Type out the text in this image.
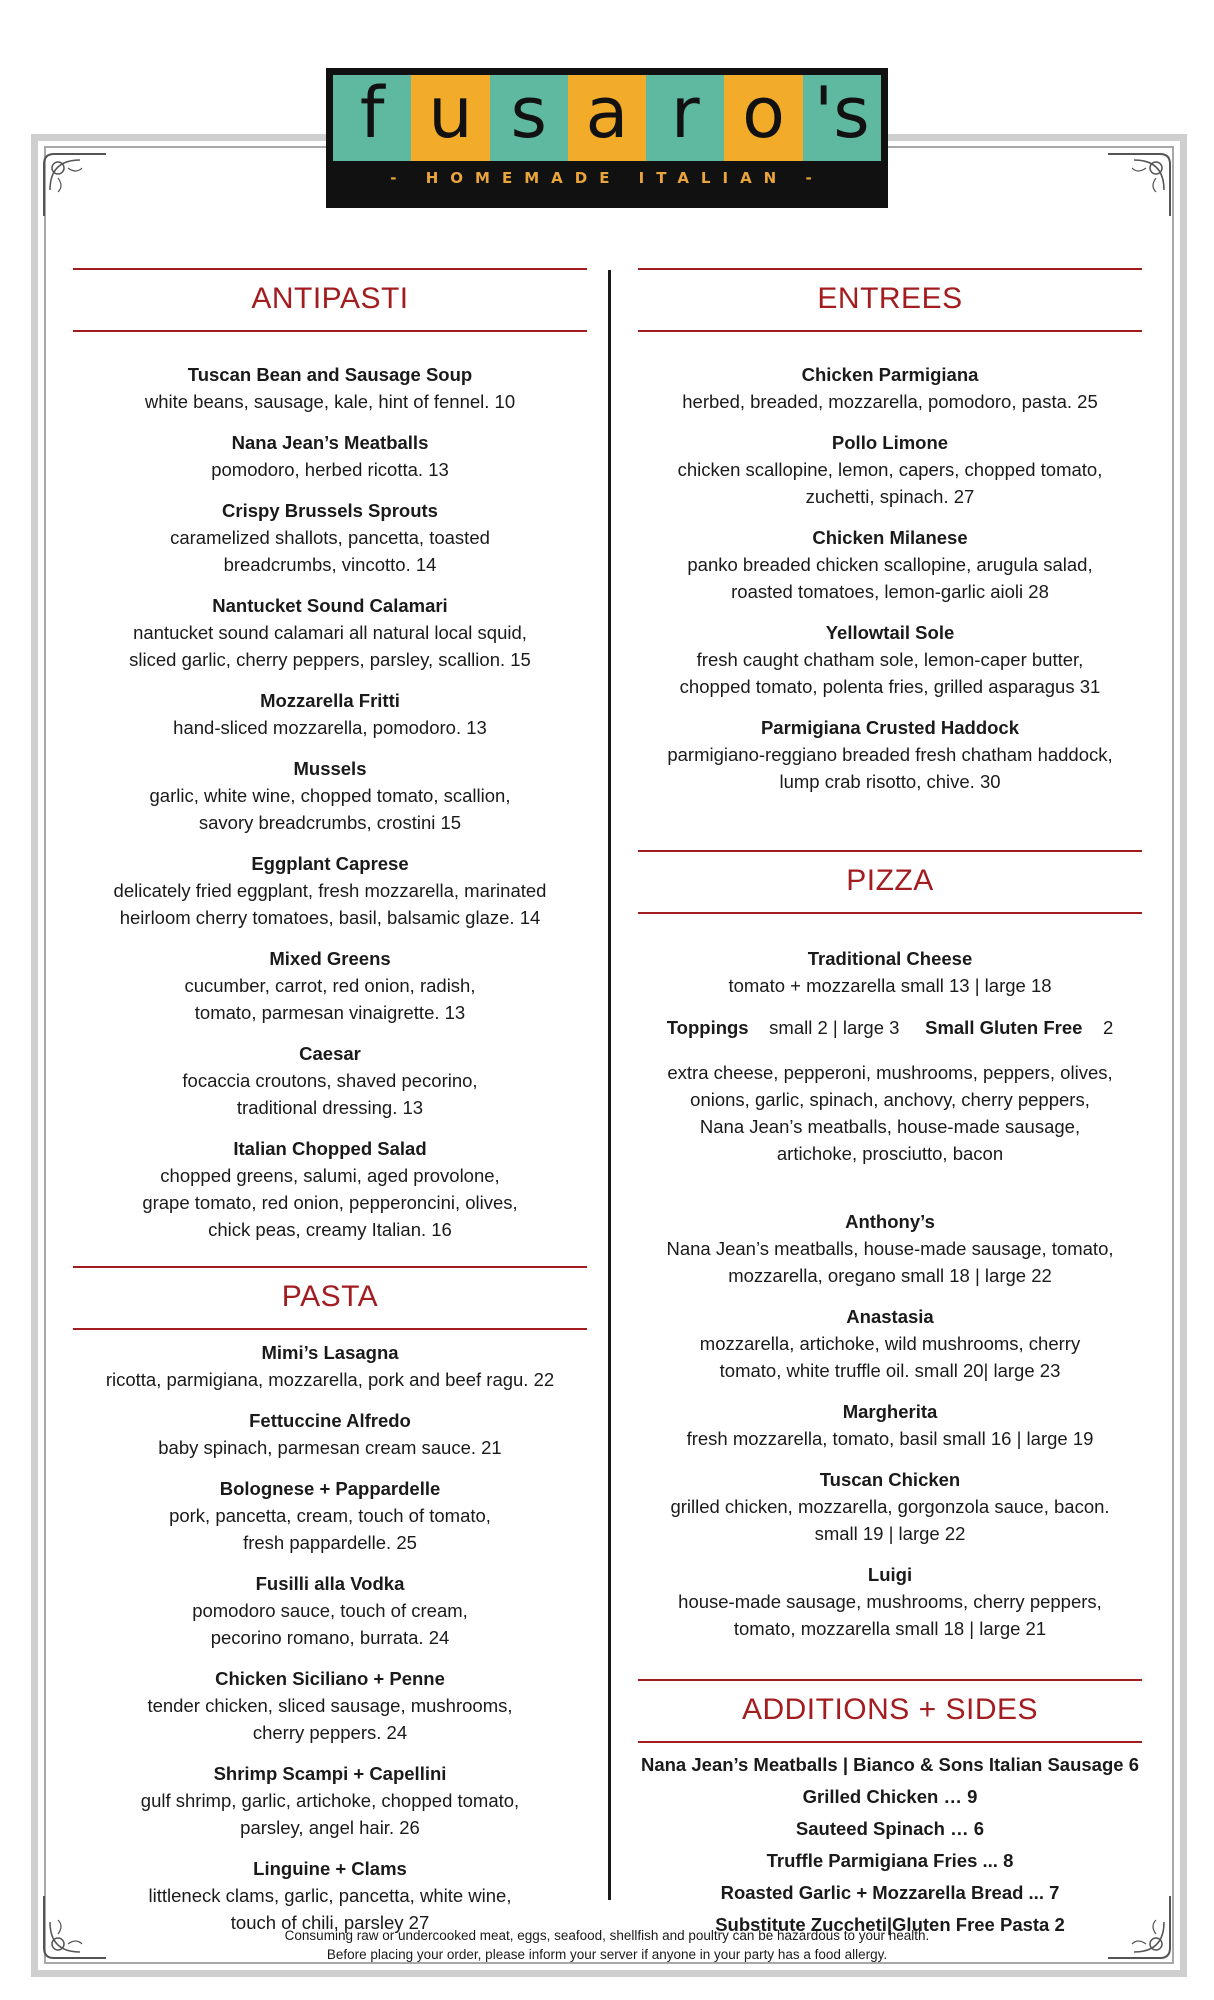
f u s a r o 's
- HOMEMADE ITALIAN -
ANTIPASTI
Tuscan Bean and Sausage Soup
white beans, sausage, kale, hint of fennel. 10
Nana Jean’s Meatballs
pomodoro, herbed ricotta. 13
Crispy Brussels Sprouts
caramelized shallots, pancetta, toasted
breadcrumbs, vincotto. 14
Nantucket Sound Calamari
nantucket sound calamari all natural local squid,
sliced garlic, cherry peppers, parsley, scallion. 15
Mozzarella Fritti
hand-sliced mozzarella, pomodoro. 13
Mussels
garlic, white wine, chopped tomato, scallion,
savory breadcrumbs, crostini 15
Eggplant Caprese
delicately fried eggplant, fresh mozzarella, marinated
heirloom cherry tomatoes, basil, balsamic glaze. 14
Mixed Greens
cucumber, carrot, red onion, radish,
tomato, parmesan vinaigrette. 13
Caesar
focaccia croutons, shaved pecorino,
traditional dressing. 13
Italian Chopped Salad
chopped greens, salumi, aged provolone,
grape tomato, red onion, pepperoncini, olives,
chick peas, creamy Italian. 16
PASTA
Mimi’s Lasagna
ricotta, parmigiana, mozzarella, pork and beef ragu. 22
Fettuccine Alfredo
baby spinach, parmesan cream sauce. 21
Bolognese + Pappardelle
pork, pancetta, cream, touch of tomato,
fresh pappardelle. 25
Fusilli alla Vodka
pomodoro sauce, touch of cream,
pecorino romano, burrata. 24
Chicken Siciliano + Penne
tender chicken, sliced sausage, mushrooms,
cherry peppers. 24
Shrimp Scampi + Capellini
gulf shrimp, garlic, artichoke, chopped tomato,
parsley, angel hair. 26
Linguine + Clams
littleneck clams, garlic, pancetta, white wine,
touch of chili, parsley 27
ENTREES
Chicken Parmigiana
herbed, breaded, mozzarella, pomodoro, pasta. 25
Pollo Limone
chicken scallopine, lemon, capers, chopped tomato,
zuchetti, spinach. 27
Chicken Milanese
panko breaded chicken scallopine, arugula salad,
roasted tomatoes, lemon-garlic aioli 28
Yellowtail Sole
fresh caught chatham sole, lemon-caper butter,
chopped tomato, polenta fries, grilled asparagus 31
Parmigiana Crusted Haddock
parmigiano-reggiano breaded fresh chatham haddock,
lump crab risotto, chive. 30
PIZZA
Traditional Cheese
tomato + mozzarella small 13 | large 18
Toppings small 2 | large 3 Small Gluten Free 2
extra cheese, pepperoni, mushrooms, peppers, olives,
onions, garlic, spinach, anchovy, cherry peppers,
Nana Jean’s meatballs, house-made sausage,
artichoke, prosciutto, bacon
Anthony’s
Nana Jean’s meatballs, house-made sausage, tomato,
mozzarella, oregano small 18 | large 22
Anastasia
mozzarella, artichoke, wild mushrooms, cherry
tomato, white truffle oil. small 20| large 23
Margherita
fresh mozzarella, tomato, basil small 16 | large 19
Tuscan Chicken
grilled chicken, mozzarella, gorgonzola sauce, bacon.
small 19 | large 22
Luigi
house-made sausage, mushrooms, cherry peppers,
tomato, mozzarella small 18 | large 21
ADDITIONS + SIDES
Nana Jean’s Meatballs | Bianco & Sons Italian Sausage 6
Grilled Chicken … 9
Sauteed Spinach … 6
Truffle Parmigiana Fries ... 8
Roasted Garlic + Mozzarella Bread ... 7
Substitute Zuccheti|Gluten Free Pasta 2
Consuming raw or undercooked meat, eggs, seafood, shellfish and poultry can be hazardous to your health.
Before placing your order, please inform your server if anyone in your party has a food allergy.
